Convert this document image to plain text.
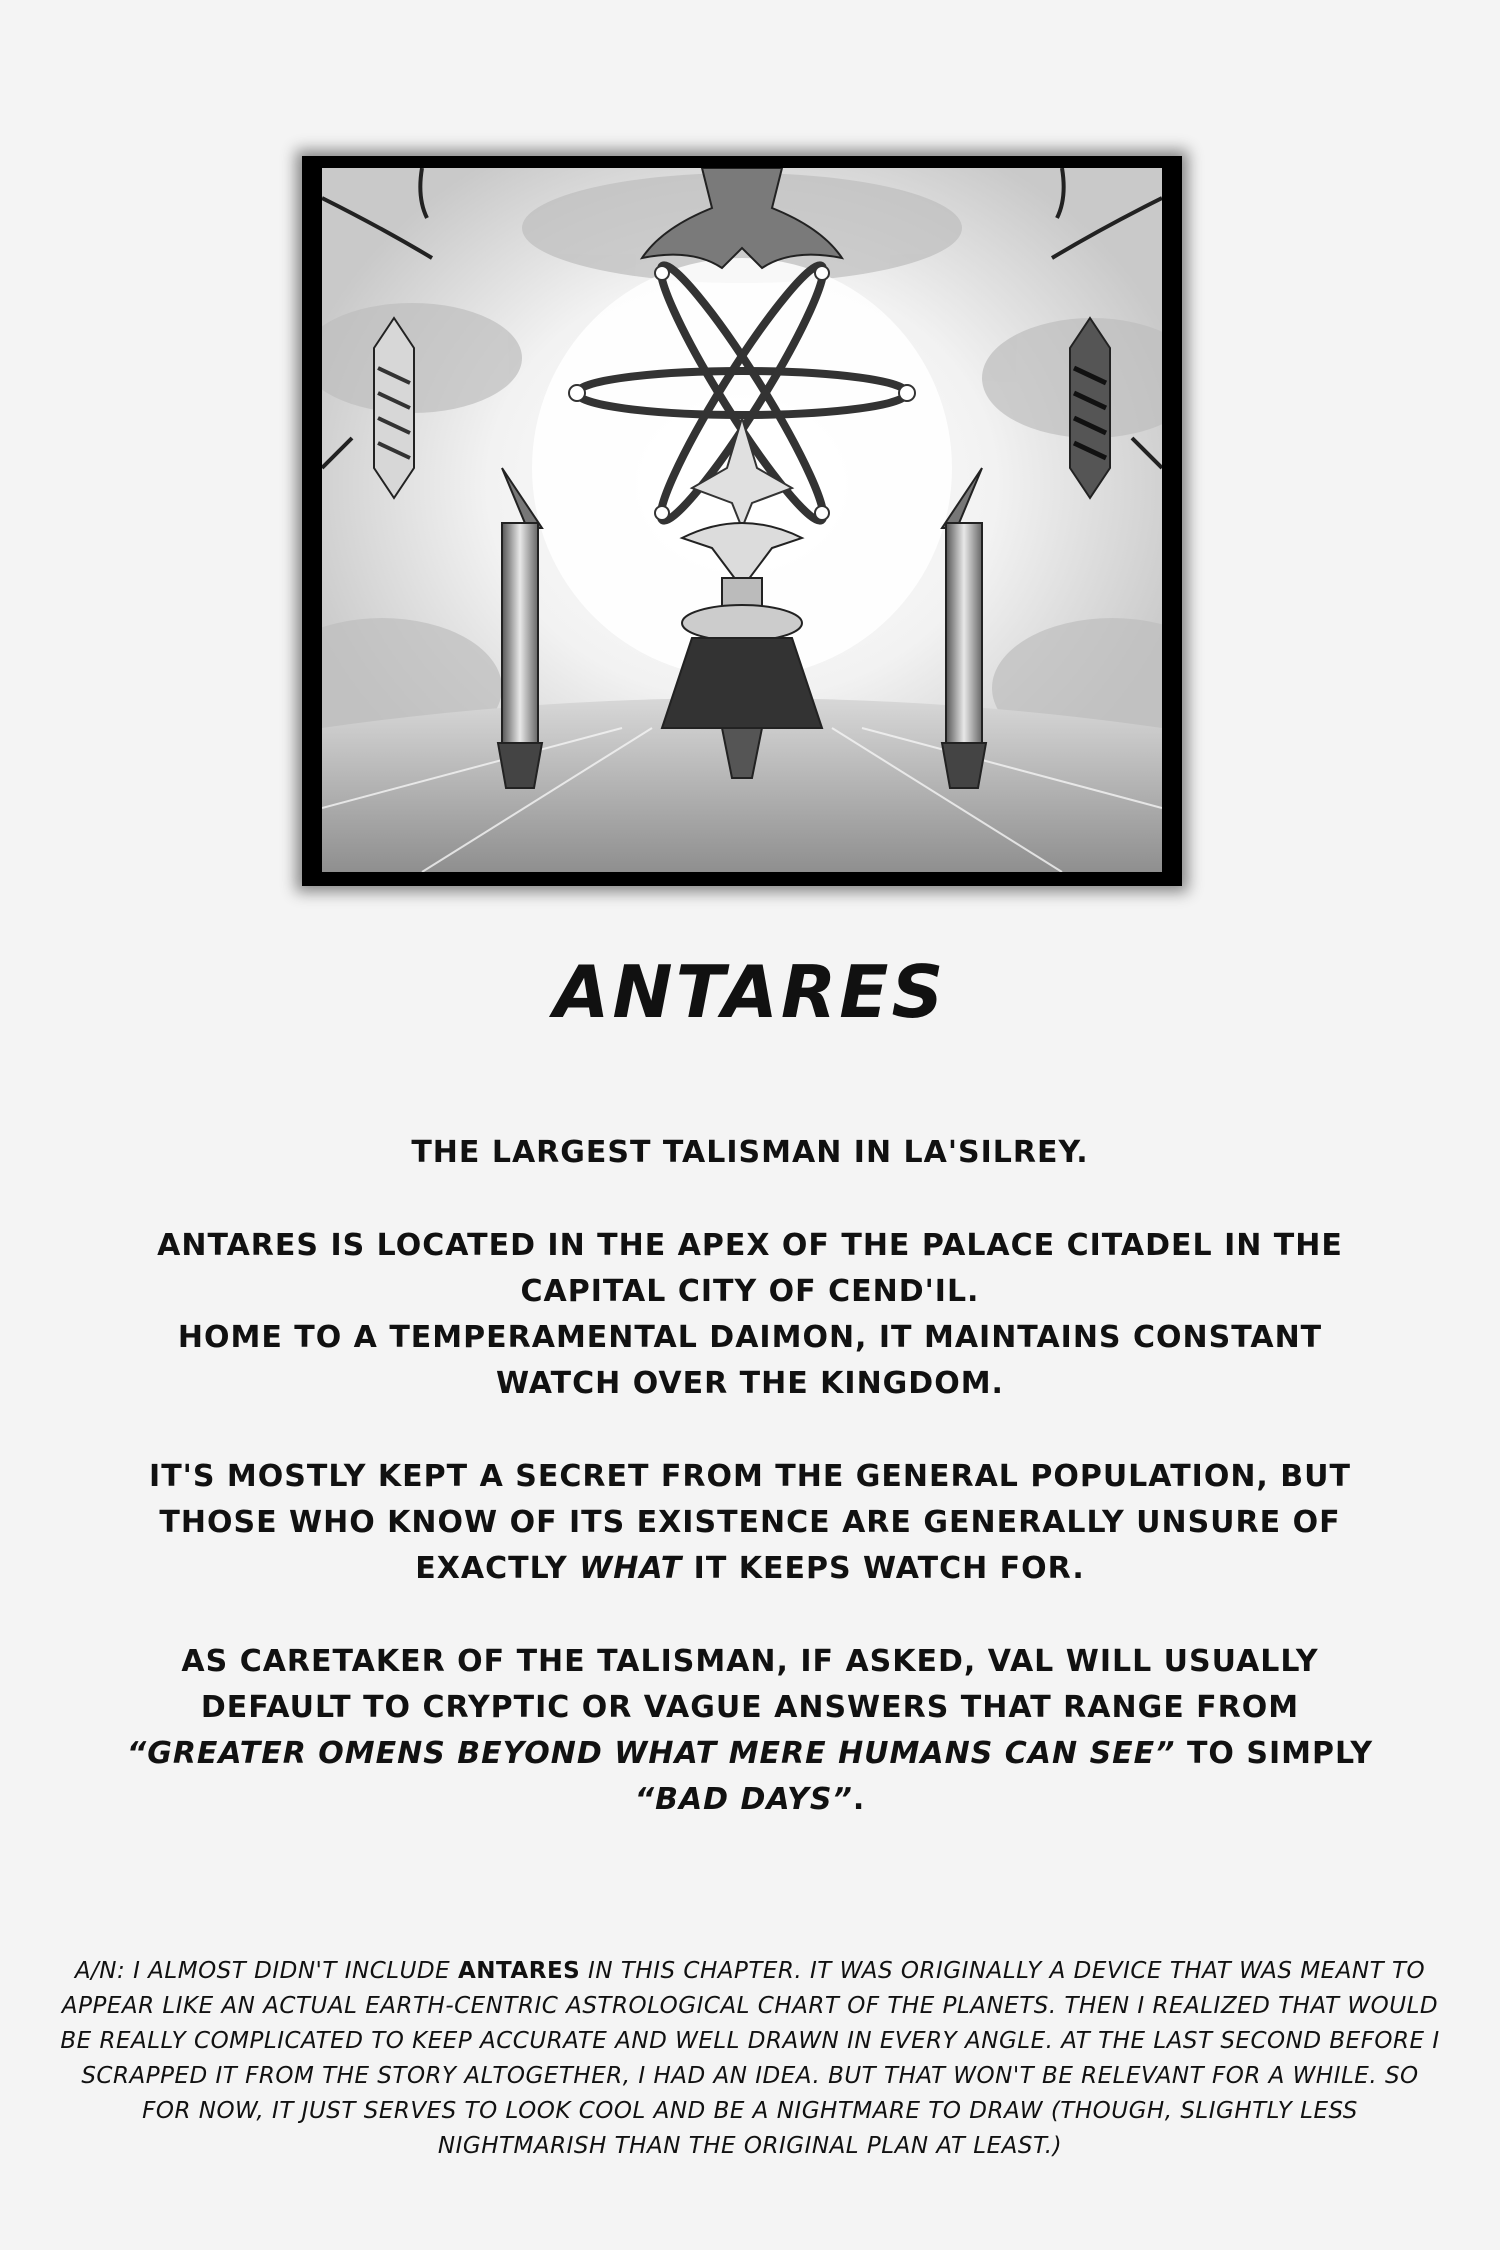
ANTARES

THE LARGEST TALISMAN IN LA'SILREY.

ANTARES IS LOCATED IN THE APEX OF THE PALACE CITADEL IN THE CAPITAL CITY OF CEND'IL.
HOME TO A TEMPERAMENTAL DAIMON, IT MAINTAINS CONSTANT WATCH OVER THE KINGDOM.

IT'S MOSTLY KEPT A SECRET FROM THE GENERAL POPULATION, BUT THOSE WHO KNOW OF ITS EXISTENCE ARE GENERALLY UNSURE OF EXACTLY WHAT IT KEEPS WATCH FOR.

AS CARETAKER OF THE TALISMAN, IF ASKED, VAL WILL USUALLY DEFAULT TO CRYPTIC OR VAGUE ANSWERS THAT RANGE FROM “GREATER OMENS BEYOND WHAT MERE HUMANS CAN SEE” TO SIMPLY “BAD DAYS”.

A/N: I ALMOST DIDN'T INCLUDE ANTARES IN THIS CHAPTER. IT WAS ORIGINALLY A DEVICE THAT WAS MEANT TO APPEAR LIKE AN ACTUAL EARTH-CENTRIC ASTROLOGICAL CHART OF THE PLANETS. THEN I REALIZED THAT WOULD BE REALLY COMPLICATED TO KEEP ACCURATE AND WELL DRAWN IN EVERY ANGLE. AT THE LAST SECOND BEFORE I SCRAPPED IT FROM THE STORY ALTOGETHER, I HAD AN IDEA. BUT THAT WON'T BE RELEVANT FOR A WHILE. SO FOR NOW, IT JUST SERVES TO LOOK COOL AND BE A NIGHTMARE TO DRAW (THOUGH, SLIGHTLY LESS NIGHTMARISH THAN THE ORIGINAL PLAN AT LEAST.)
